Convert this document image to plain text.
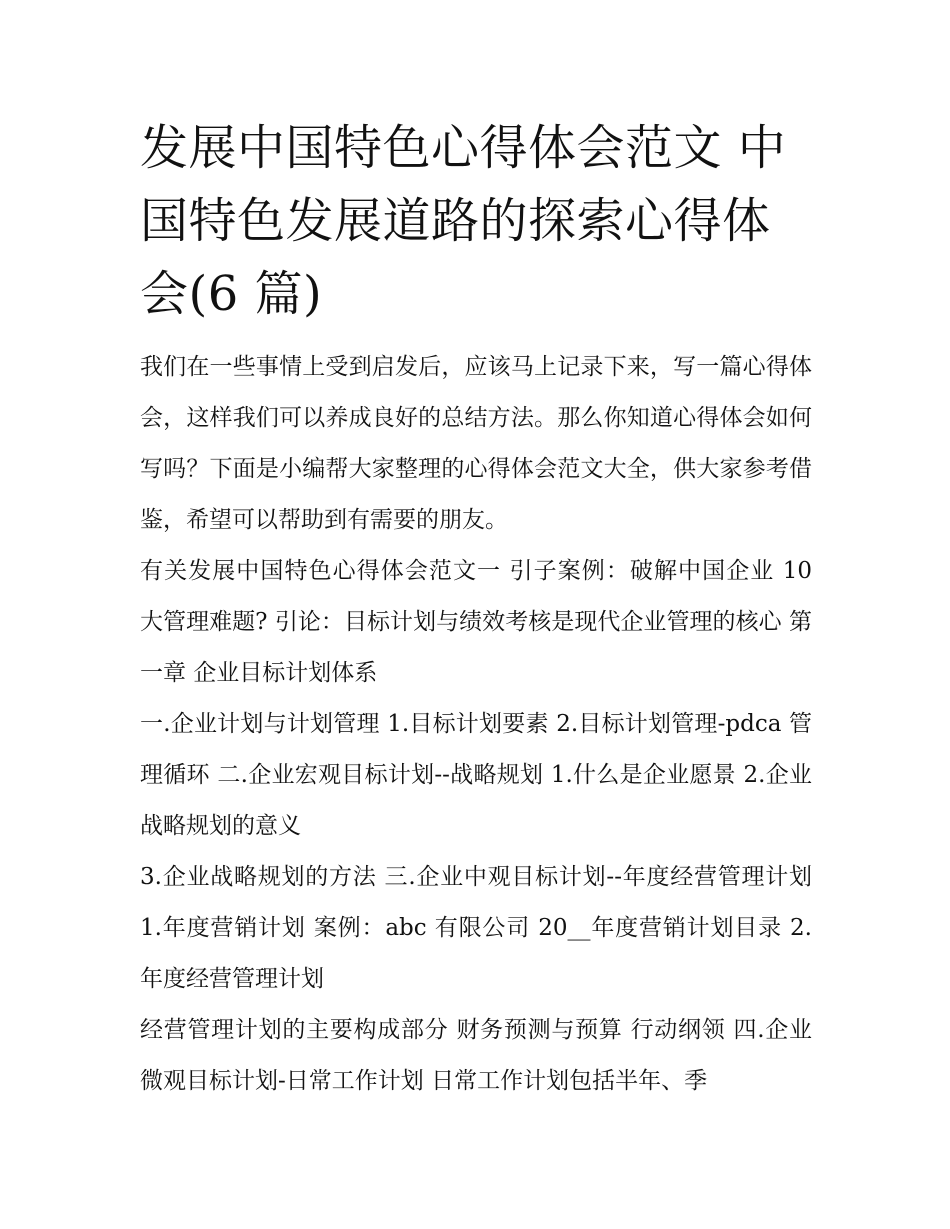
发展中国特色心得体会范文 中国特色发展道路的探索心得体会(6 篇)

我们在一些事情上受到启发后，应该马上记录下来，写一篇心得体会，这样我们可以养成良好的总结方法。那么你知道心得体会如何写吗？下面是小编帮大家整理的心得体会范文大全，供大家参考借鉴，希望可以帮助到有需要的朋友。

有关发展中国特色心得体会范文一 引子案例：破解中国企业 10 大管理难题? 引论：目标计划与绩效考核是现代企业管理的核心 第一章 企业目标计划体系

一.企业计划与计划管理 1.目标计划要素 2.目标计划管理-pdca 管理循环 二.企业宏观目标计划--战略规划 1.什么是企业愿景 2.企业战略规划的意义

3.企业战略规划的方法 三.企业中观目标计划--年度经营管理计划 1.年度营销计划 案例：abc 有限公司 20__年度营销计划目录 2.年度经营管理计划

经营管理计划的主要构成部分 财务预测与预算 行动纲领 四.企业微观目标计划-日常工作计划 日常工作计划包括半年、季
